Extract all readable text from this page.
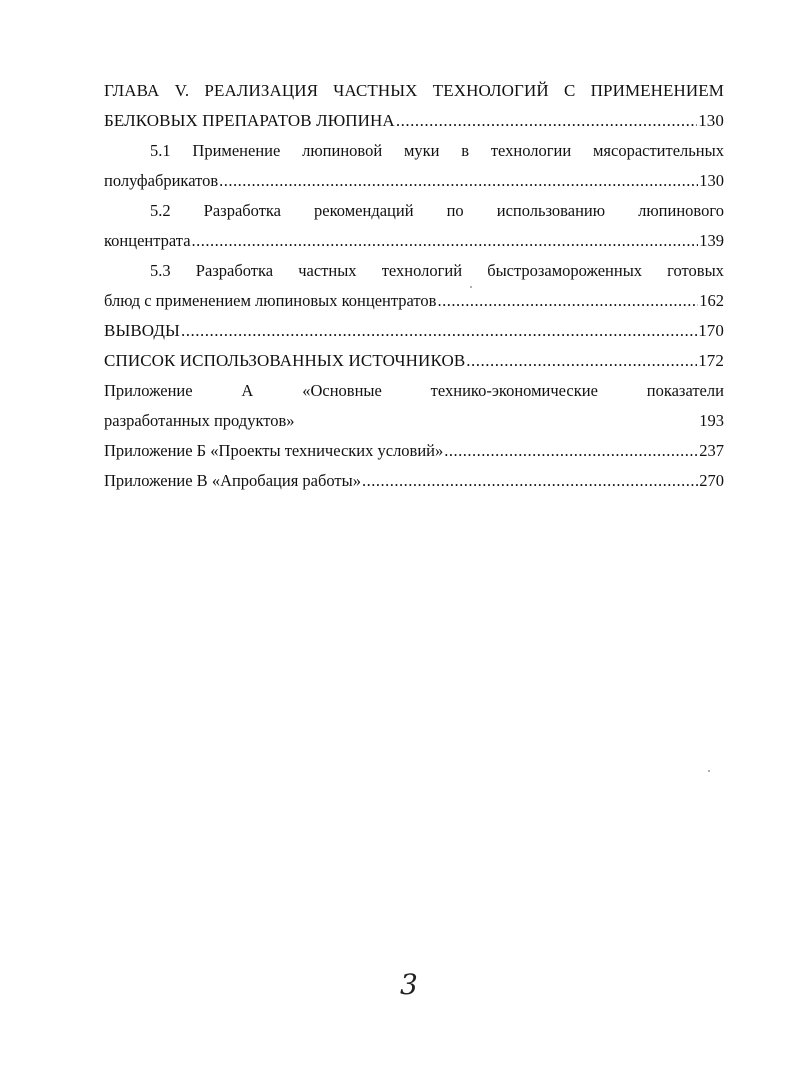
ГЛАВА V. РЕАЛИЗАЦИЯ ЧАСТНЫХ ТЕХНОЛОГИЙ С ПРИМЕНЕНИЕМ
БЕЛКОВЫХ ПРЕПАРАТОВ ЛЮПИНА .....	130
5.1 Применение люпиновой муки в технологии мясорастительных
полуфабрикатов .....	130
5.2 Разработка рекомендаций по использованию люпинового
концентрата .....	139
5.3 Разработка частных технологий быстрозамороженных готовых
блюд с применением люпиновых концентратов .....	162
ВЫВОДЫ .....	170
СПИСОК ИСПОЛЬЗОВАННЫХ ИСТОЧНИКОВ .....	172
Приложение	А	«Основные	технико-экономические	показатели
разработанных продуктов»	193
Приложение Б «Проекты технических условий» .....	237
Приложение В «Апробация работы» .....	270
3
